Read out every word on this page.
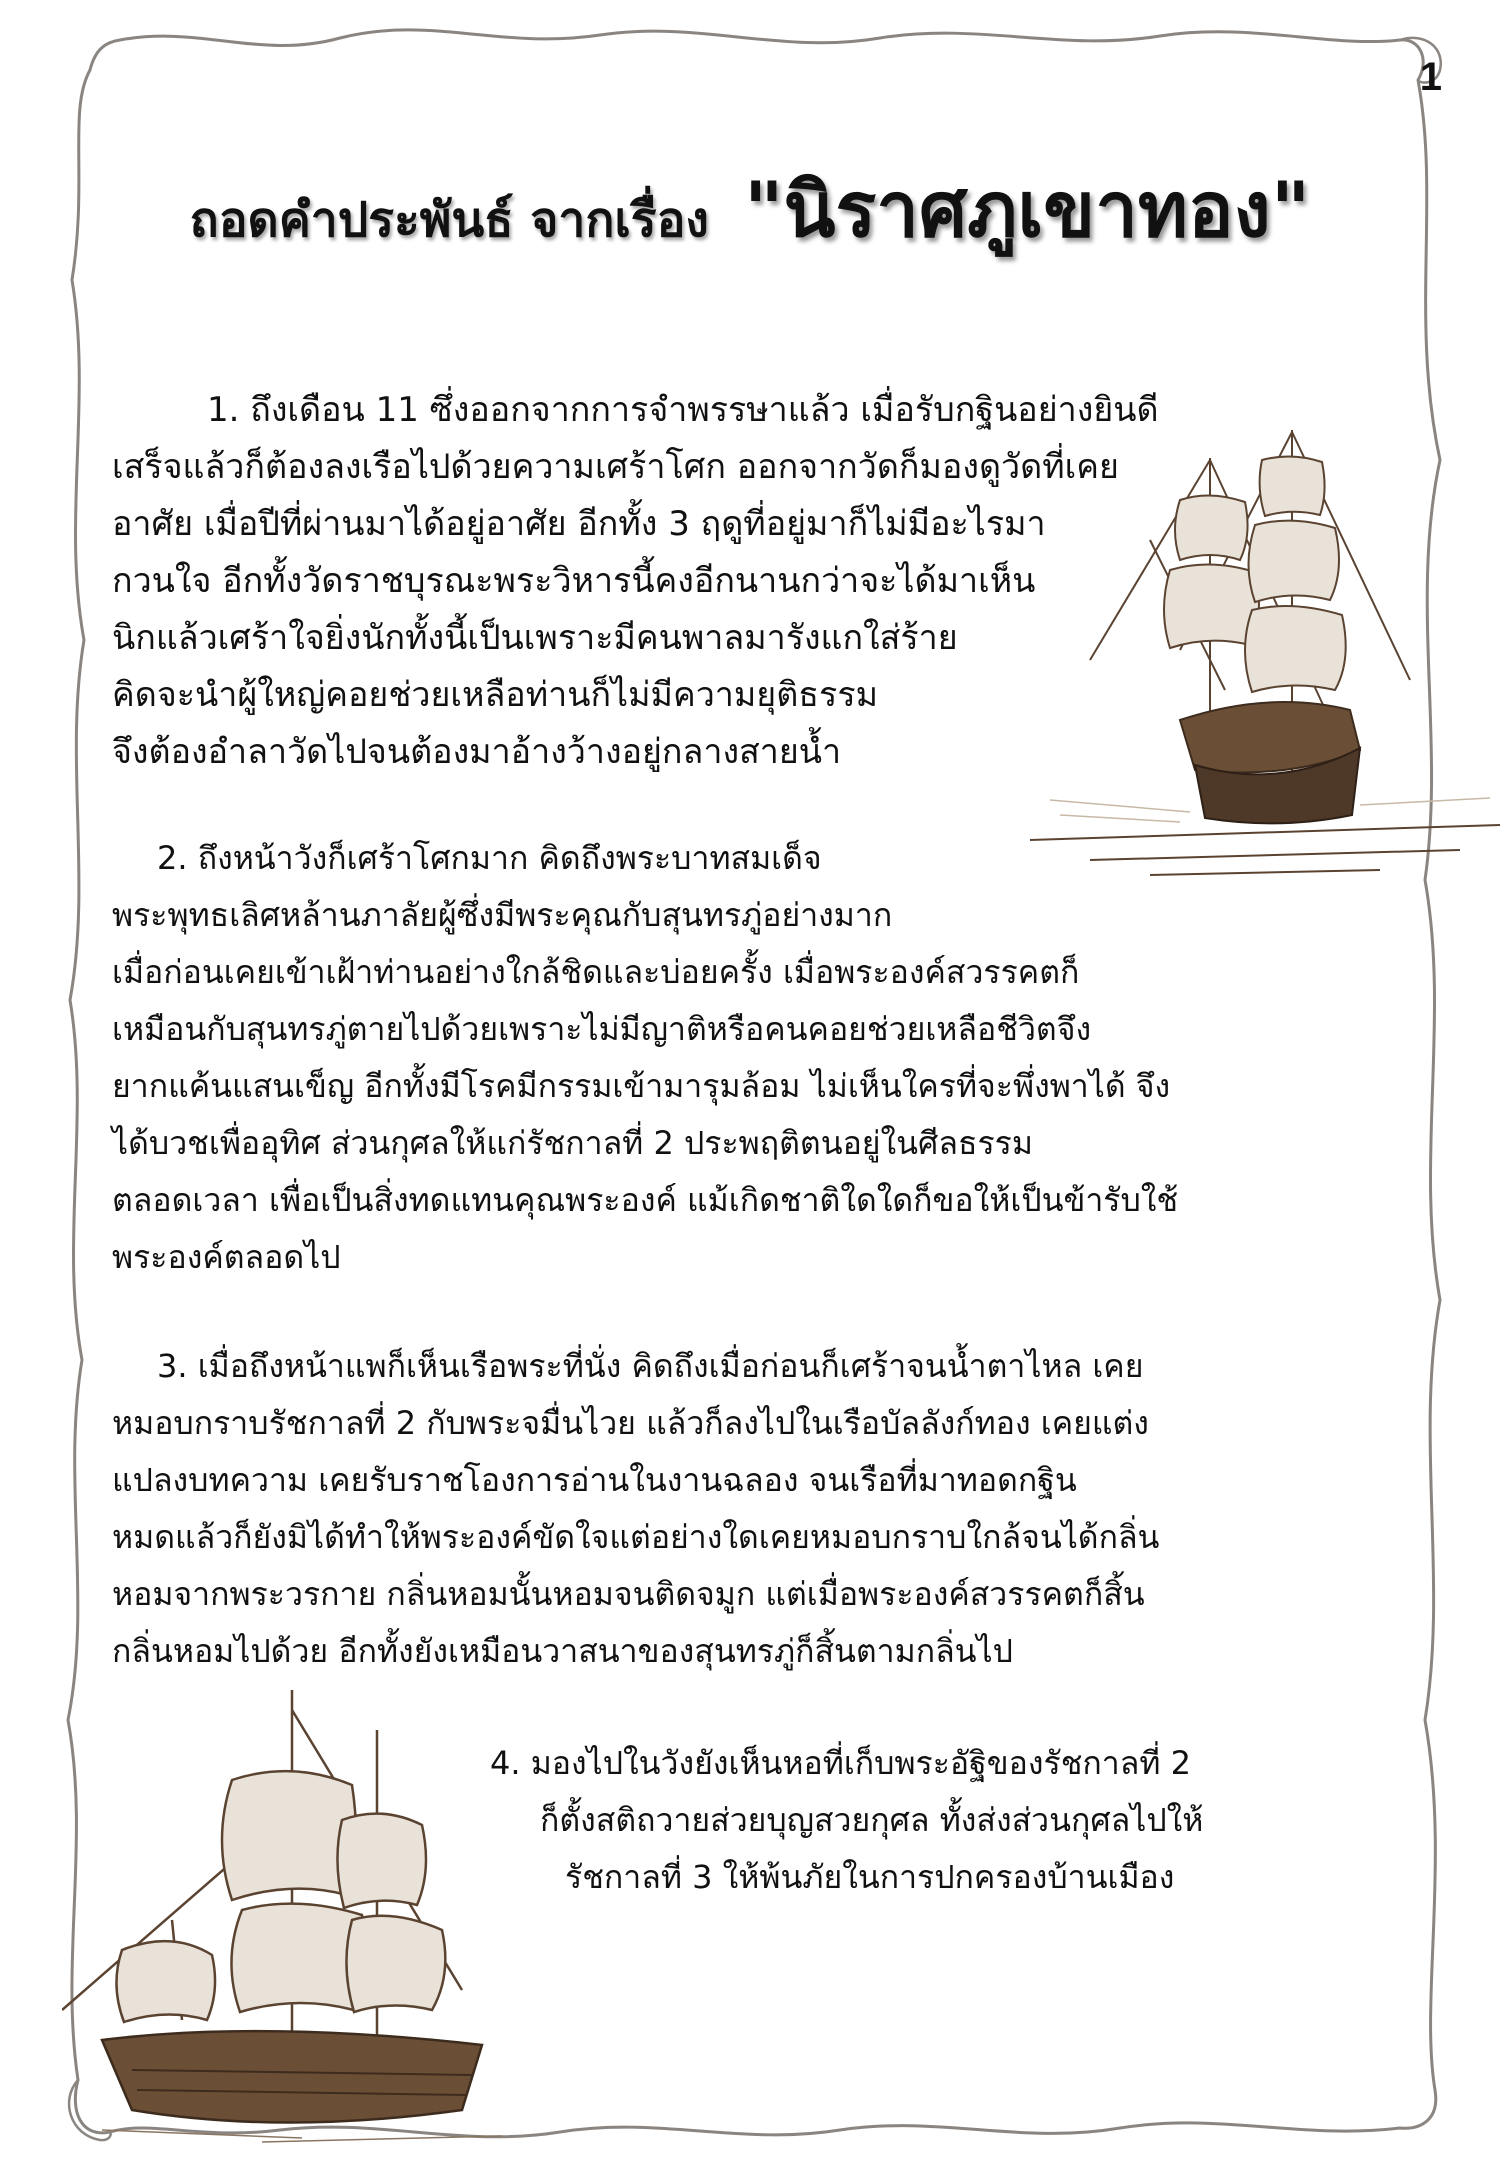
1
ถอดคำประพันธ์ จากเรื่อง "นิราศภูเขาทอง"
1. ถึงเดือน 11 ซึ่งออกจากการจำพรรษาแล้ว เมื่อรับกฐินอย่างยินดี
เสร็จแล้วก็ต้องลงเรือไปด้วยความเศร้าโศก ออกจากวัดก็มองดูวัดที่เคย
อาศัย เมื่อปีที่ผ่านมาได้อยู่อาศัย อีกทั้ง 3 ฤดูที่อยู่มาก็ไม่มีอะไรมา
กวนใจ อีกทั้งวัดราชบุรณะพระวิหารนี้คงอีกนานกว่าจะได้มาเห็น
นิกแล้วเศร้าใจยิ่งนักทั้งนี้เป็นเพราะมีคนพาลมารังแกใส่ร้าย
คิดจะนำผู้ใหญ่คอยช่วยเหลือท่านก็ไม่มีความยุติธรรม
จึงต้องอำลาวัดไปจนต้องมาอ้างว้างอยู่กลางสายน้ำ
2. ถึงหน้าวังก็เศร้าโศกมาก คิดถึงพระบาทสมเด็จ
พระพุทธเลิศหล้านภาลัยผู้ซึ่งมีพระคุณกับสุนทรภู่อย่างมาก
เมื่อก่อนเคยเข้าเฝ้าท่านอย่างใกล้ชิดและบ่อยครั้ง เมื่อพระองค์สวรรคตก็
เหมือนกับสุนทรภู่ตายไปด้วยเพราะไม่มีญาติหรือคนคอยช่วยเหลือชีวิตจึง
ยากแค้นแสนเข็ญ อีกทั้งมีโรคมีกรรมเข้ามารุมล้อม ไม่เห็นใครที่จะพึ่งพาได้ จึง
ได้บวชเพื่ออุทิศ ส่วนกุศลให้แก่รัชกาลที่ 2 ประพฤติตนอยู่ในศีลธรรม
ตลอดเวลา เพื่อเป็นสิ่งทดแทนคุณพระองค์ แม้เกิดชาติใดใดก็ขอให้เป็นข้ารับใช้
พระองค์ตลอดไป
3. เมื่อถึงหน้าแพก็เห็นเรือพระที่นั่ง คิดถึงเมื่อก่อนก็เศร้าจนน้ำตาไหล เคย
หมอบกราบรัชกาลที่ 2 กับพระจมื่นไวย แล้วก็ลงไปในเรือบัลลังก์ทอง เคยแต่ง
แปลงบทความ เคยรับราชโองการอ่านในงานฉลอง จนเรือที่มาทอดกฐิน
หมดแล้วก็ยังมิได้ทำให้พระองค์ขัดใจแต่อย่างใดเคยหมอบกราบใกล้จนได้กลิ่น
หอมจากพระวรกาย กลิ่นหอมนั้นหอมจนติดจมูก แต่เมื่อพระองค์สวรรคตก็สิ้น
กลิ่นหอมไปด้วย อีกทั้งยังเหมือนวาสนาของสุนทรภู่ก็สิ้นตามกลิ่นไป
4. มองไปในวังยังเห็นหอที่เก็บพระอัฐิของรัชกาลที่ 2
ก็ตั้งสติถวายส่วยบุญสวยกุศล ทั้งส่งส่วนกุศลไปให้
รัชกาลที่ 3 ให้พ้นภัยในการปกครองบ้านเมือง
